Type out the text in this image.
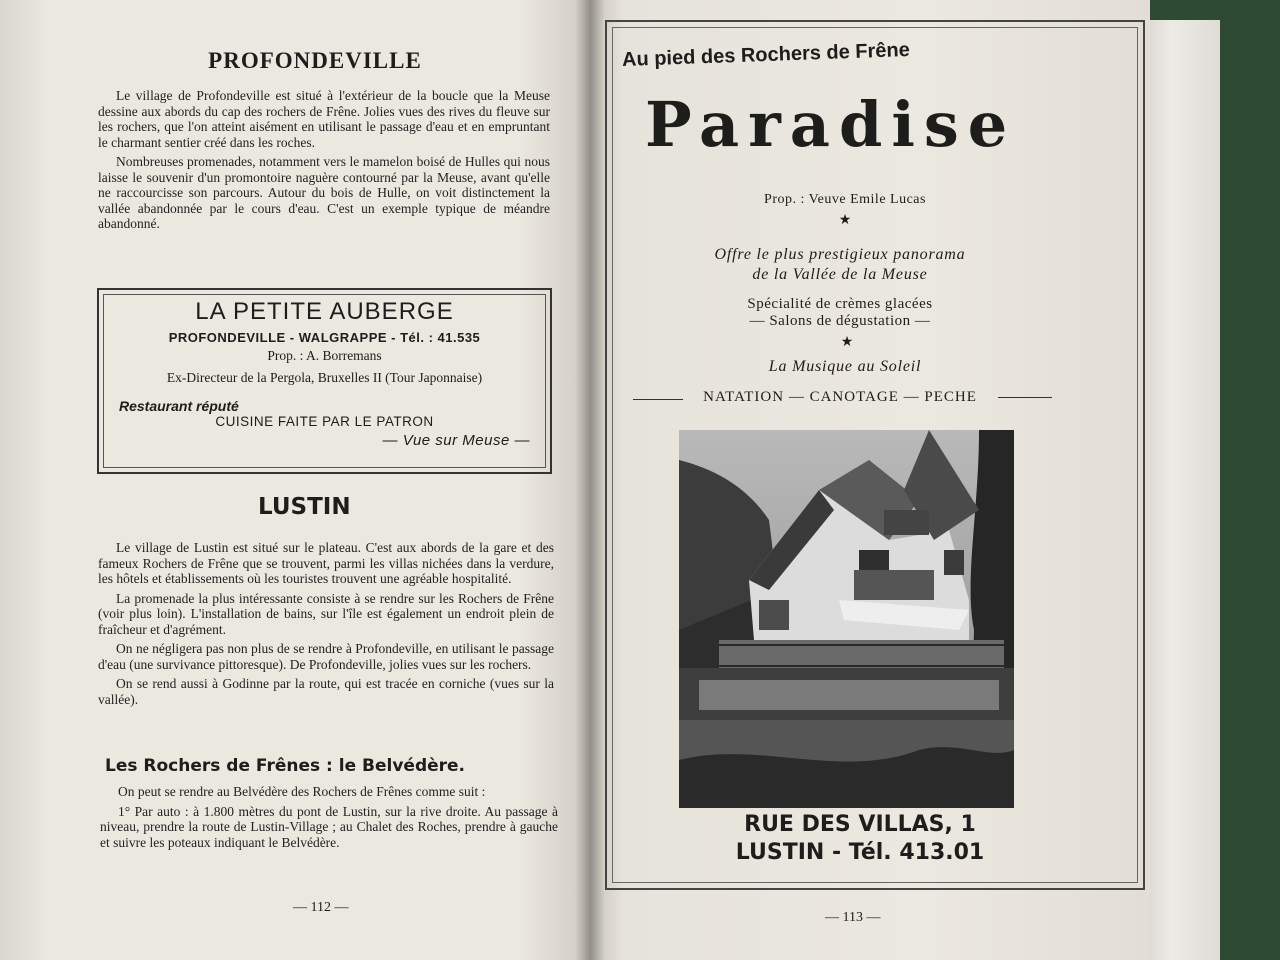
PROFONDEVILLE

Le village de Profondeville est situé à l'extérieur de la boucle que la Meuse dessine aux abords du cap des rochers de Frêne. Jolies vues des rives du fleuve sur les rochers, que l'on atteint aisément en utilisant le passage d'eau et en empruntant le charmant sentier créé dans les roches.

Nombreuses promenades, notamment vers le mamelon boisé de Hulles qui nous laisse le souvenir d'un promontoire naguère contourné par la Meuse, avant qu'elle ne raccourcisse son parcours. Autour du bois de Hulle, on voit distinctement la vallée abandonnée par le cours d'eau. C'est un exemple typique de méandre abandonné.

LA PETITE AUBERGE
PROFONDEVILLE - WALGRAPPE - Tél. : 41.535
Prop. : A. Borremans
Ex-Directeur de la Pergola, Bruxelles II (Tour Japonnaise)
Restaurant réputé
CUISINE FAITE PAR LE PATRON
— Vue sur Meuse —
LUSTIN

Le village de Lustin est situé sur le plateau. C'est aux abords de la gare et des fameux Rochers de Frêne que se trouvent, parmi les villas nichées dans la verdure, les hôtels et établissements où les touristes trouvent une agréable hospitalité.

La promenade la plus intéressante consiste à se rendre sur les Rochers de Frêne (voir plus loin). L'installation de bains, sur l'île est également un endroit plein de fraîcheur et d'agrément.

On ne négligera pas non plus de se rendre à Profondeville, en utilisant le passage d'eau (une survivance pittoresque). De Profondeville, jolies vues sur les rochers.

On se rend aussi à Godinne par la route, qui est tracée en corniche (vues sur la vallée).

Les Rochers de Frênes : le Belvédère.

On peut se rendre au Belvédère des Rochers de Frênes comme suit :

1° Par auto : à 1.800 mètres du pont de Lustin, sur la rive droite. Au passage à niveau, prendre la route de Lustin-Village ; au Chalet des Roches, prendre à gauche et suivre les poteaux indiquant le Belvédère.

— 112 —
Au pied des Rochers de Frêne
Paradise
Prop. : Veuve Emile Lucas
★
Offre le plus prestigieux panorama
de la Vallée de la Meuse
Spécialité de crèmes glacées
— Salons de dégustation —
★
La Musique au Soleil
NATATION — CANOTAGE — PECHE
RUE DES VILLAS, 1
LUSTIN - Tél. 413.01
— 113 —
